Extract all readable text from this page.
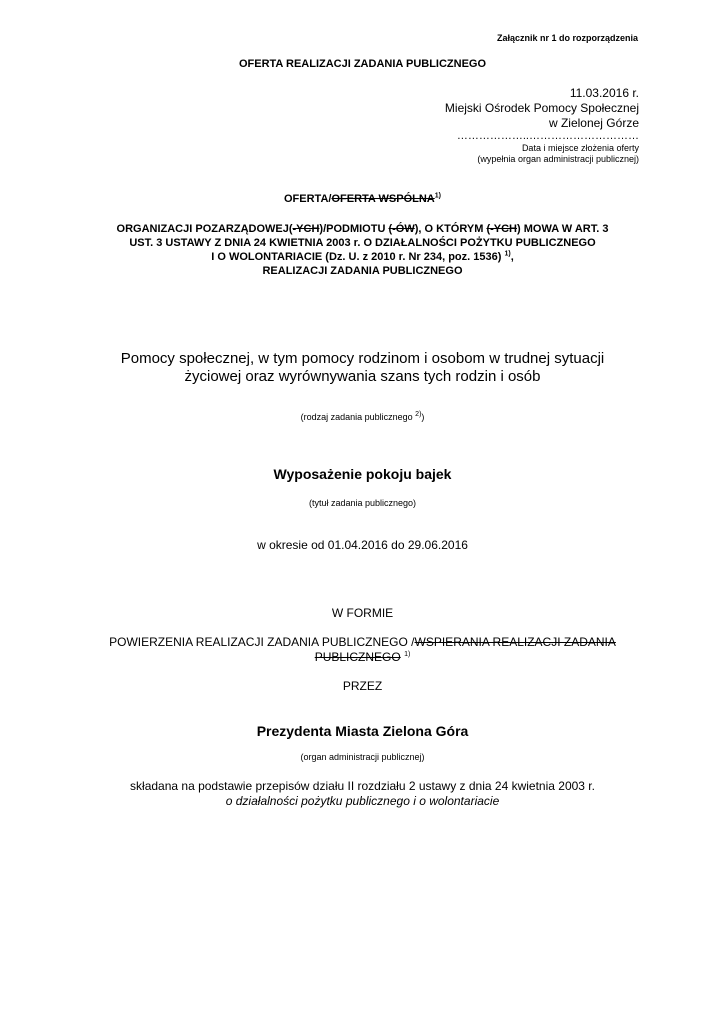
Załącznik nr 1 do rozporządzenia
OFERTA REALIZACJI ZADANIA PUBLICZNEGO
11.03.2016 r.
Miejski Ośrodek Pomocy Społecznej
w Zielonej Górze
………………..…………………………
Data i miejsce złożenia oferty
(wypełnia organ administracji publicznej)
OFERTA/OFERTA WSPÓLNA$^{1)}$
ORGANIZACJI POZARZĄDOWEJ(-YCH)/PODMIOTU (-ÓW), O KTÓRYM (-YCH) MOWA W ART. 3
UST. 3 USTAWY Z DNIA 24 KWIETNIA 2003 r. O DZIAŁALNOŚCI POŻYTKU PUBLICZNEGO
I O WOLONTARIACIE (Dz. U. z 2010 r. Nr 234, poz. 1536) $^{1)}$,
REALIZACJI ZADANIA PUBLICZNEGO
Pomocy społecznej, w tym pomocy rodzinom i osobom w trudnej sytuacji
życiowej oraz wyrównywania szans tych rodzin i osób
(rodzaj zadania publicznego $^{2)}$)
Wyposażenie pokoju bajek
(tytuł zadania publicznego)
w okresie od 01.04.2016 do 29.06.2016
W FORMIE
POWIERZENIA REALIZACJI ZADANIA PUBLICZNEGO /WSPIERANIA REALIZACJI ZADANIA PUBLICZNEGO $^{1)}$
PRZEZ
Prezydenta Miasta Zielona Góra
(organ administracji publicznej)
składana na podstawie przepisów działu II rozdziału 2 ustawy z dnia 24 kwietnia 2003 r.
o działalności pożytku publicznego i o wolontariacie
